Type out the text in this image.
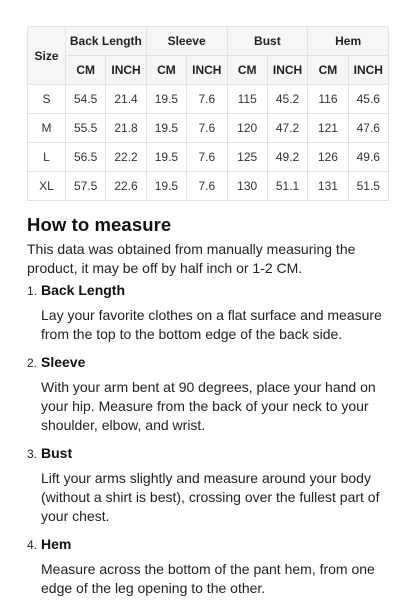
Size	Back Length		Sleeve		Bust		Hem	
	CM	INCH	CM	INCH	CM	INCH	CM	INCH
S	54.5	21.4	19.5	7.6	115	45.2	116	45.6
M	55.5	21.8	19.5	7.6	120	47.2	121	47.6
L	56.5	22.2	19.5	7.6	125	49.2	126	49.6
XL	57.5	22.6	19.5	7.6	130	51.1	131	51.5
How to measure

This data was obtained from manually measuring the product, it may be off by half inch or 1-2 CM.

1. Back Length

Lay your favorite clothes on a flat surface and measure from the top to the bottom edge of the back side.

2. Sleeve

With your arm bent at 90 degrees, place your hand on your hip. Measure from the back of your neck to your shoulder, elbow, and wrist.

3. Bust

Lift your arms slightly and measure around your body (without a shirt is best), crossing over the fullest part of your chest.

4. Hem

Measure across the bottom of the pant hem, from one edge of the leg opening to the other.
